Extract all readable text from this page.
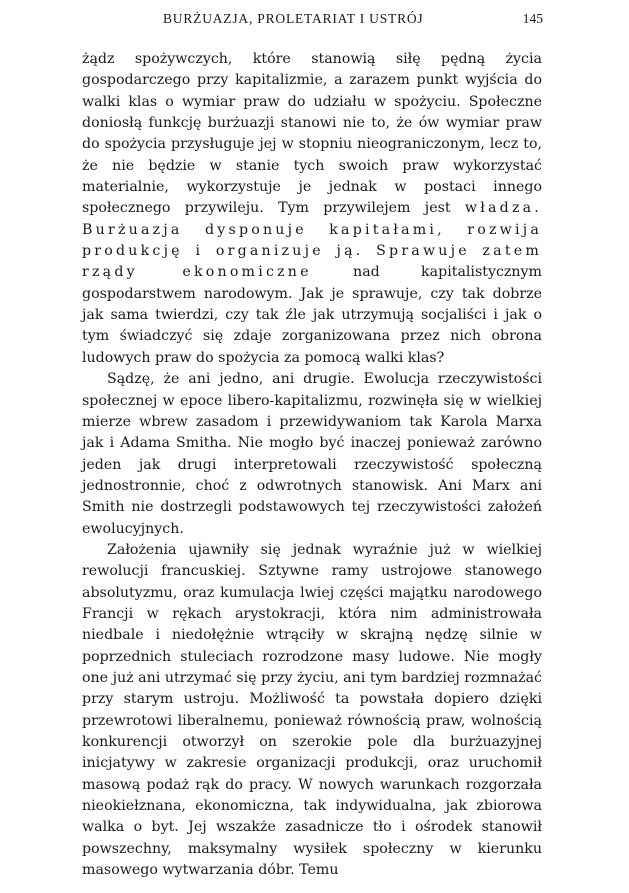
BURŻUAZJA, PROLETARIAT I USTRÓJ	145

żądz spożywczych, które stanowią siłę pędną życia gospodarczego przy kapitalizmie, a zarazem punkt wyjścia do walki klas o wymiar praw do udziału w spożyciu. Społeczne doniosłą funkcję burżuazji stanowi nie to, że ów wymiar praw do spożycia przysługuje jej w stopniu nieograniczonym, lecz to, że nie będzie w stanie tych swoich praw wykorzystać materialnie, wykorzystuje je jednak w postaci innego społecznego przywileju. Tym przywilejem jest władza. Burżuazja dysponuje kapitałami, rozwija produkcję i organizuje ją. Sprawuje zatem rządy ekonomiczne nad kapitalistycznym gospodarstwem narodowym. Jak je sprawuje, czy tak dobrze jak sama twierdzi, czy tak źle jak utrzymują socjaliści i jak o tym świadczyć się zdaje zorganizowana przez nich obrona ludowych praw do spożycia za pomocą walki klas?

Sądzę, że ani jedno, ani drugie. Ewolucja rzeczywistości społecznej w epoce libero-kapitalizmu, rozwinęła się w wielkiej mierze wbrew zasadom i przewidywaniom tak Karola Marxa jak i Adama Smitha. Nie mogło być inaczej ponieważ zarówno jeden jak drugi interpretowali rzeczywistość społeczną jednostronnie, choć z odwrotnych stanowisk. Ani Marx ani Smith nie dostrzegli podstawowych tej rzeczywistości założeń ewolucyjnych.

Założenia ujawniły się jednak wyraźnie już w wielkiej rewolucji francuskiej. Sztywne ramy ustrojowe stanowego absolutyzmu, oraz kumulacja lwiej części majątku narodowego Francji w rękach arystokracji, która nim administrowała niedbale i niedołężnie wtrąciły w skrajną nędzę silnie w poprzednich stuleciach rozrodzone masy ludowe. Nie mogły one już ani utrzymać się przy życiu, ani tym bardziej rozmnażać przy starym ustroju. Możliwość ta powstała dopiero dzięki przewrotowi liberalnemu, ponieważ równością praw, wolnością konkurencji otworzył on szerokie pole dla burżuazyjnej inicjatywy w zakresie organizacji produkcji, oraz uruchomił masową podaż rąk do pracy. W nowych warunkach rozgorzała nieokiełznana, ekonomiczna, tak indywidualna, jak zbiorowa walka o byt. Jej wszakże zasadnicze tło i ośrodek stanowił powszechny, maksymalny wysiłek społeczny w kierunku masowego wytwarzania dóbr. Temu
